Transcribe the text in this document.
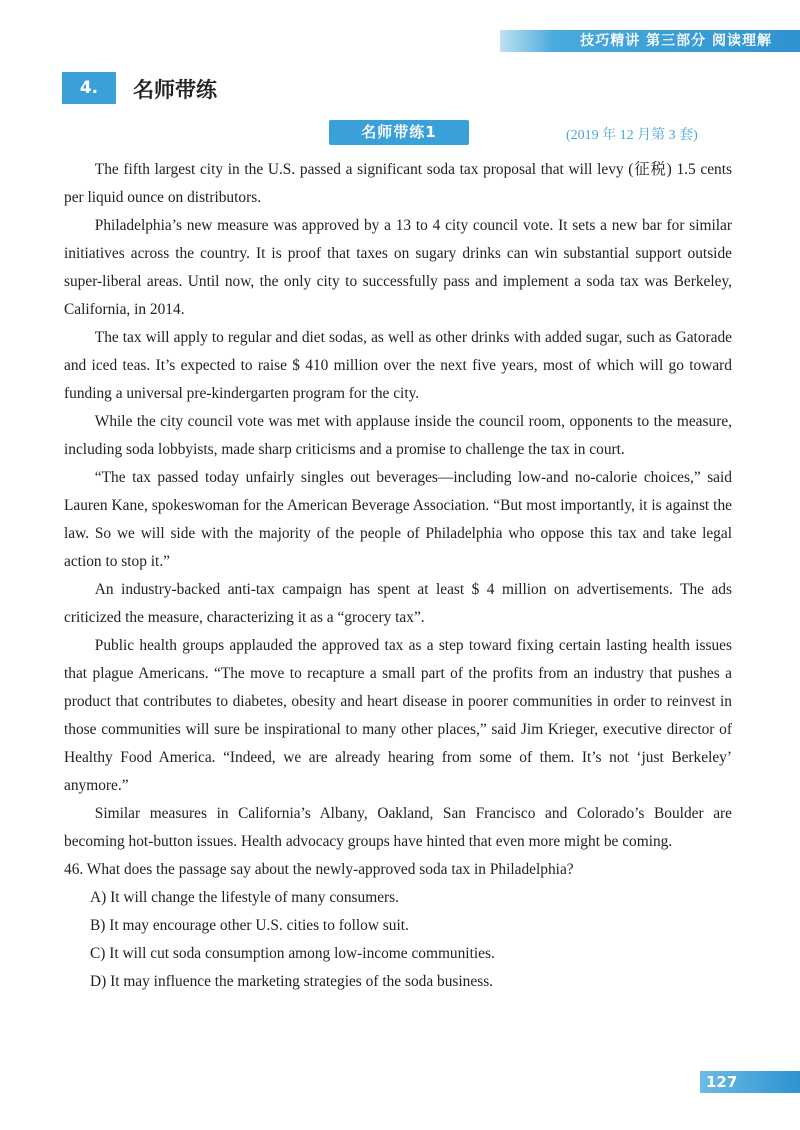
技巧精讲 第三部分 阅读理解
4.	名师带练
名师带练1	(2019 年 12 月第 3 套)

The fifth largest city in the U.S. passed a significant soda tax proposal that will levy (征税) 1.5 cents per liquid ounce on distributors.

Philadelphia’s new measure was approved by a 13 to 4 city council vote. It sets a new bar for similar initiatives across the country. It is proof that taxes on sugary drinks can win substantial support outside super-liberal areas. Until now, the only city to successfully pass and implement a soda tax was Berkeley, California, in 2014.

The tax will apply to regular and diet sodas, as well as other drinks with added sugar, such as Gatorade and iced teas. It’s expected to raise $ 410 million over the next five years, most of which will go toward funding a universal pre-kindergarten program for the city.

While the city council vote was met with applause inside the council room, opponents to the measure, including soda lobbyists, made sharp criticisms and a promise to challenge the tax in court.

“The tax passed today unfairly singles out beverages—including low-and no-calorie choices,” said Lauren Kane, spokeswoman for the American Beverage Association. “But most importantly, it is against the law. So we will side with the majority of the people of Philadelphia who oppose this tax and take legal action to stop it.”

An industry-backed anti-tax campaign has spent at least $ 4 million on advertisements. The ads criticized the measure, characterizing it as a “grocery tax”.

Public health groups applauded the approved tax as a step toward fixing certain lasting health issues that plague Americans. “The move to recapture a small part of the profits from an industry that pushes a product that contributes to diabetes, obesity and heart disease in poorer communities in order to reinvest in those communities will sure be inspirational to many other places,” said Jim Krieger, executive director of Healthy Food America. “Indeed, we are already hearing from some of them. It’s not ‘just Berkeley’ anymore.”

Similar measures in California’s Albany, Oakland, San Francisco and Colorado’s Boulder are becoming hot-button issues. Health advocacy groups have hinted that even more might be coming.

46. What does the passage say about the newly-approved soda tax in Philadelphia?
A) It will change the lifestyle of many consumers.
B) It may encourage other U.S. cities to follow suit.
C) It will cut soda consumption among low-income communities.
D) It may influence the marketing strategies of the soda business.
127
